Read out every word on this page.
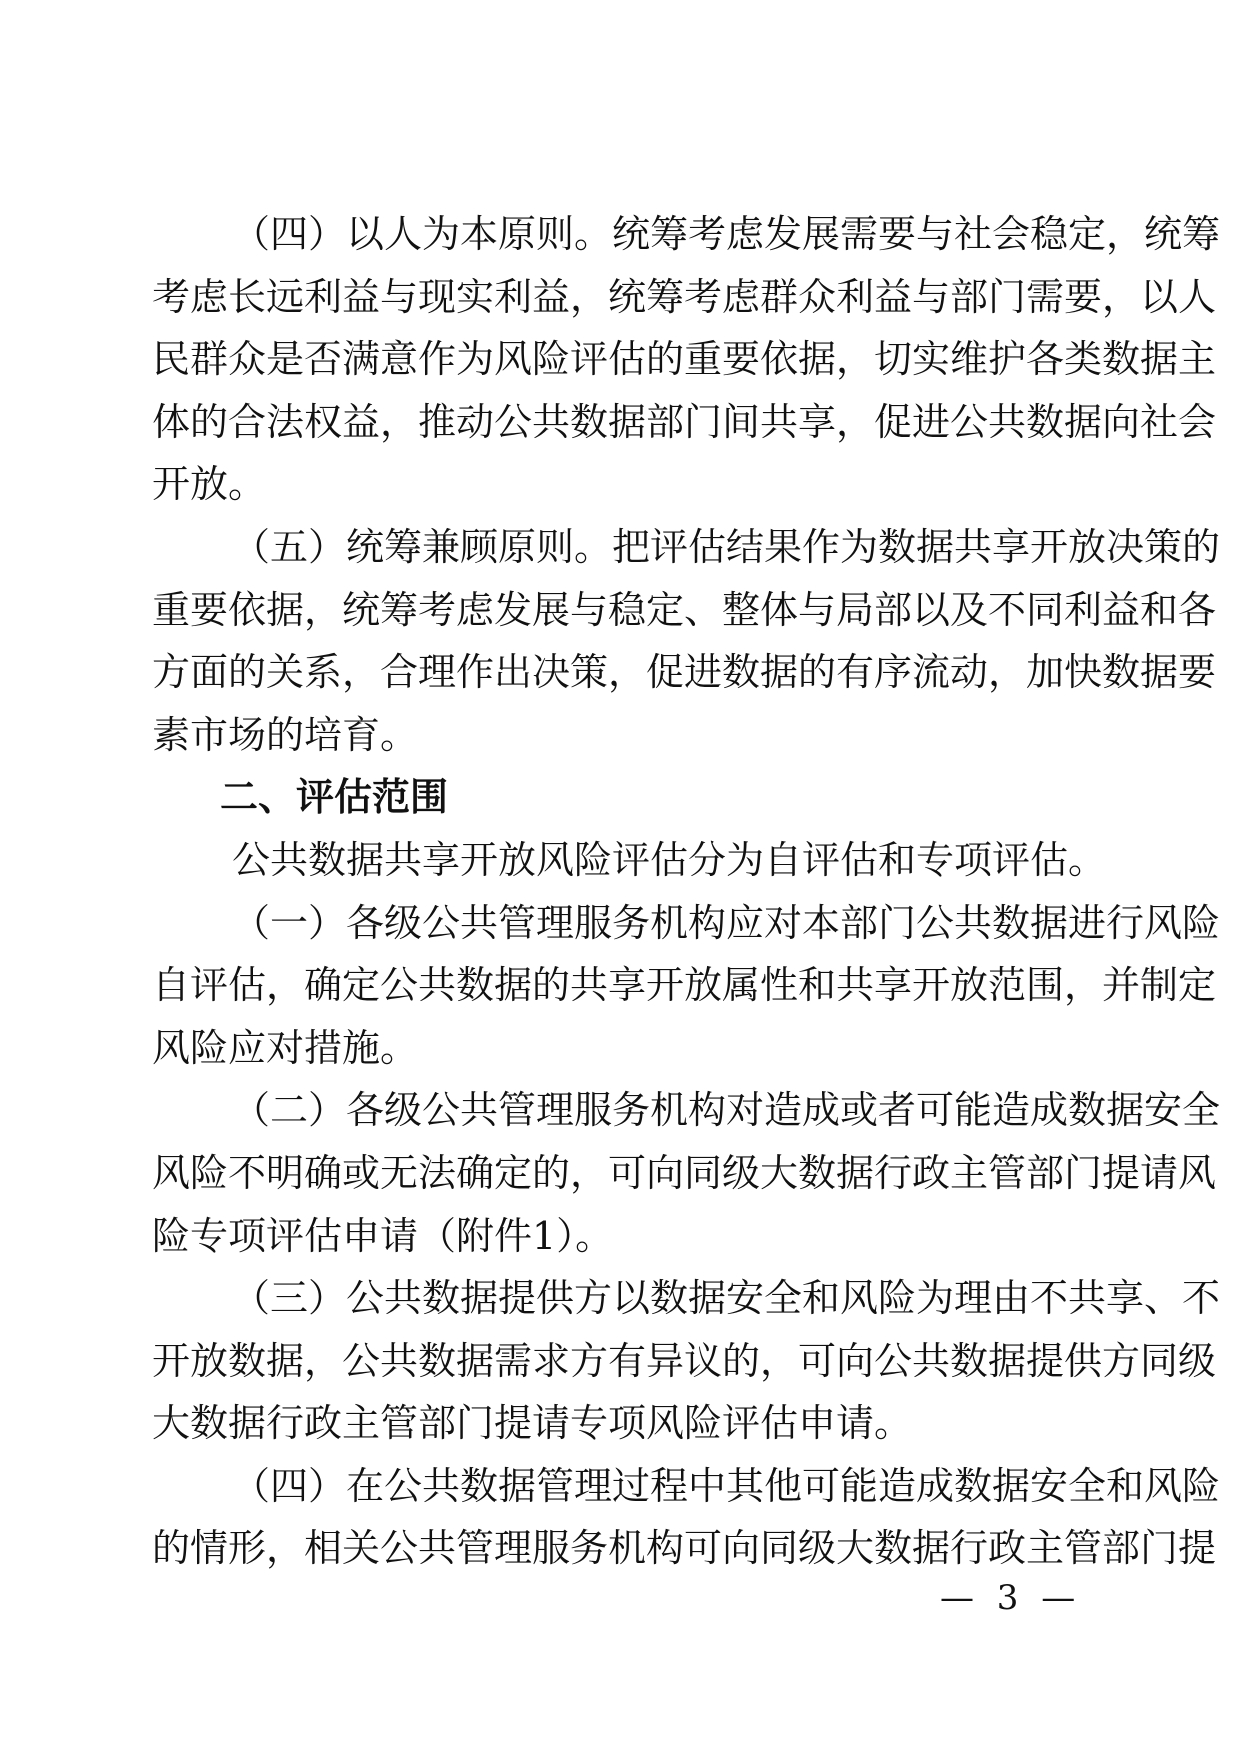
（四）以人为本原则。统筹考虑发展需要与社会稳定，统筹
考虑长远利益与现实利益，统筹考虑群众利益与部门需要，以人
民群众是否满意作为风险评估的重要依据，切实维护各类数据主
体的合法权益，推动公共数据部门间共享，促进公共数据向社会
开放。
（五）统筹兼顾原则。把评估结果作为数据共享开放决策的
重要依据，统筹考虑发展与稳定、整体与局部以及不同利益和各
方面的关系，合理作出决策，促进数据的有序流动，加快数据要
素市场的培育。
二、评估范围
公共数据共享开放风险评估分为自评估和专项评估。
（一）各级公共管理服务机构应对本部门公共数据进行风险
自评估，确定公共数据的共享开放属性和共享开放范围，并制定
风险应对措施。
（二）各级公共管理服务机构对造成或者可能造成数据安全
风险不明确或无法确定的，可向同级大数据行政主管部门提请风
险专项评估申请（附件1）。
（三）公共数据提供方以数据安全和风险为理由不共享、不
开放数据，公共数据需求方有异议的，可向公共数据提供方同级
大数据行政主管部门提请专项风险评估申请。
（四）在公共数据管理过程中其他可能造成数据安全和风险
的情形，相关公共管理服务机构可向同级大数据行政主管部门提
— 3 —
